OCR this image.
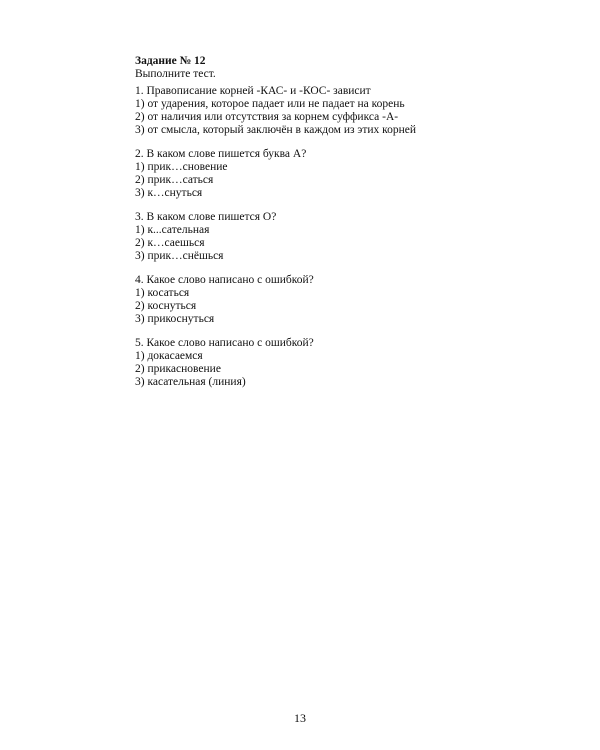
Задание № 12

Выполните тест.

1. Правописание корней -КАС- и -КОС- зависит

1) от ударения, которое падает или не падает на корень

2) от наличия или отсутствия за корнем суффикса -А-

3) от смысла, который заключён в каждом из этих корней

2. В каком слове пишется буква А?

1) прик…сновение

2) прик…саться

3) к…снуться

3. В каком слове пишется О?

1) к...сательная

2) к…саешься

3) прик…снёшься

4. Какое слово написано с ошибкой?

1) косаться

2) коснуться

3) прикоснуться

5. Какое слово написано с ошибкой?

1) докасаемся

2) прикасновение

3) касательная (линия)

13
